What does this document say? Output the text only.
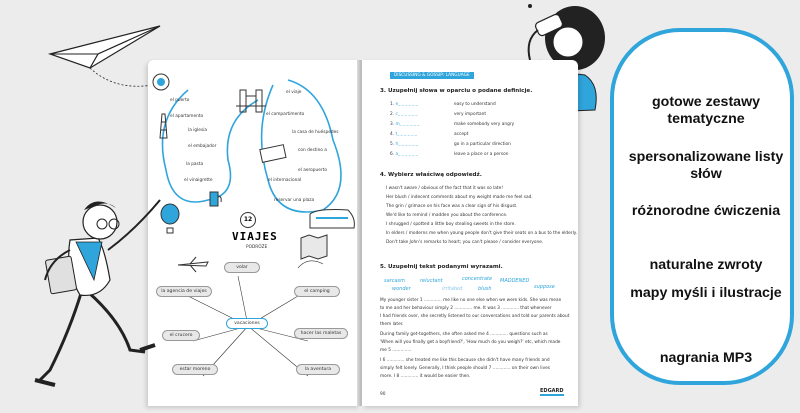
el puerto
el apartamento
la iglesia
el embajador
la pasta
el vinaigrette
el viaje
el compartimento
la casa de huéspedes
con destino a
el aeropuerto
el internacional
reservar una plaza
12
VIAJES
PODRÓŻE
volar
la agencia de viajes	el camping
vacaciones
el crucero	hacer las maletas
estar moreno	la aventura
DISCUSSING & GOSSIP: LANGUAGE
3. Uzupełnij słowa w oparciu o podane definicje.
1. e_ _ _ _ _ _	easy to understand
2. c_ _ _ _ _ _	very important
3. m_ _ _ _ _ _	make somebody very angry
4. t_ _ _ _ _ _	accept
5. h_ _ _ _ _ _	go in a particular direction
6. a_ _ _ _ _ _	leave a place or a person
4. Wybierz właściwą odpowiedź.
I wasn't aware / obvious of the fact that it was so late!
Her blush / indecent comments about my weight made me feel sad.
The grin / grimace on his face was a clear sign of his disgust.
We'd like to remind / madden you about the conference.
I shrugged / spotted a little boy stealing sweets in the store.
In elders / moderns me when young people don't give their seats on a bus to the elderly.
Don't take John's remarks to heart; you can't please / consider everyone.
5. Uzupełnij tekst podanymi wyrazami.
sarcasm
wonder
reluctant
irritated
concentrate
blush
MADDENED
suppose
My younger sister 1 ............. me like no one else when we were kids. She was mean
to me and her behaviour simply 2 ............. me. It was 3 ............. that whenever
I had friends over, she secretly listened to our conversations and told our parents about
them later.
During family get-togethers, she often asked me 4 ............. questions such as
'When will you finally get a boyfriend?', 'How much do you weigh?' etc, which made
me 5 ..............
I 6 ............. she treated me like this because she didn't have many friends and
simply felt lonely. Generally, I think people should 7 ............. on their own lives
more. I 8 ............. it would be easier then.
90
EDGARD
gotowe zestawy tematyczne
spersonalizowane listy słów
różnorodne ćwiczenia
naturalne zwroty
mapy myśli i ilustracje
nagrania MP3
